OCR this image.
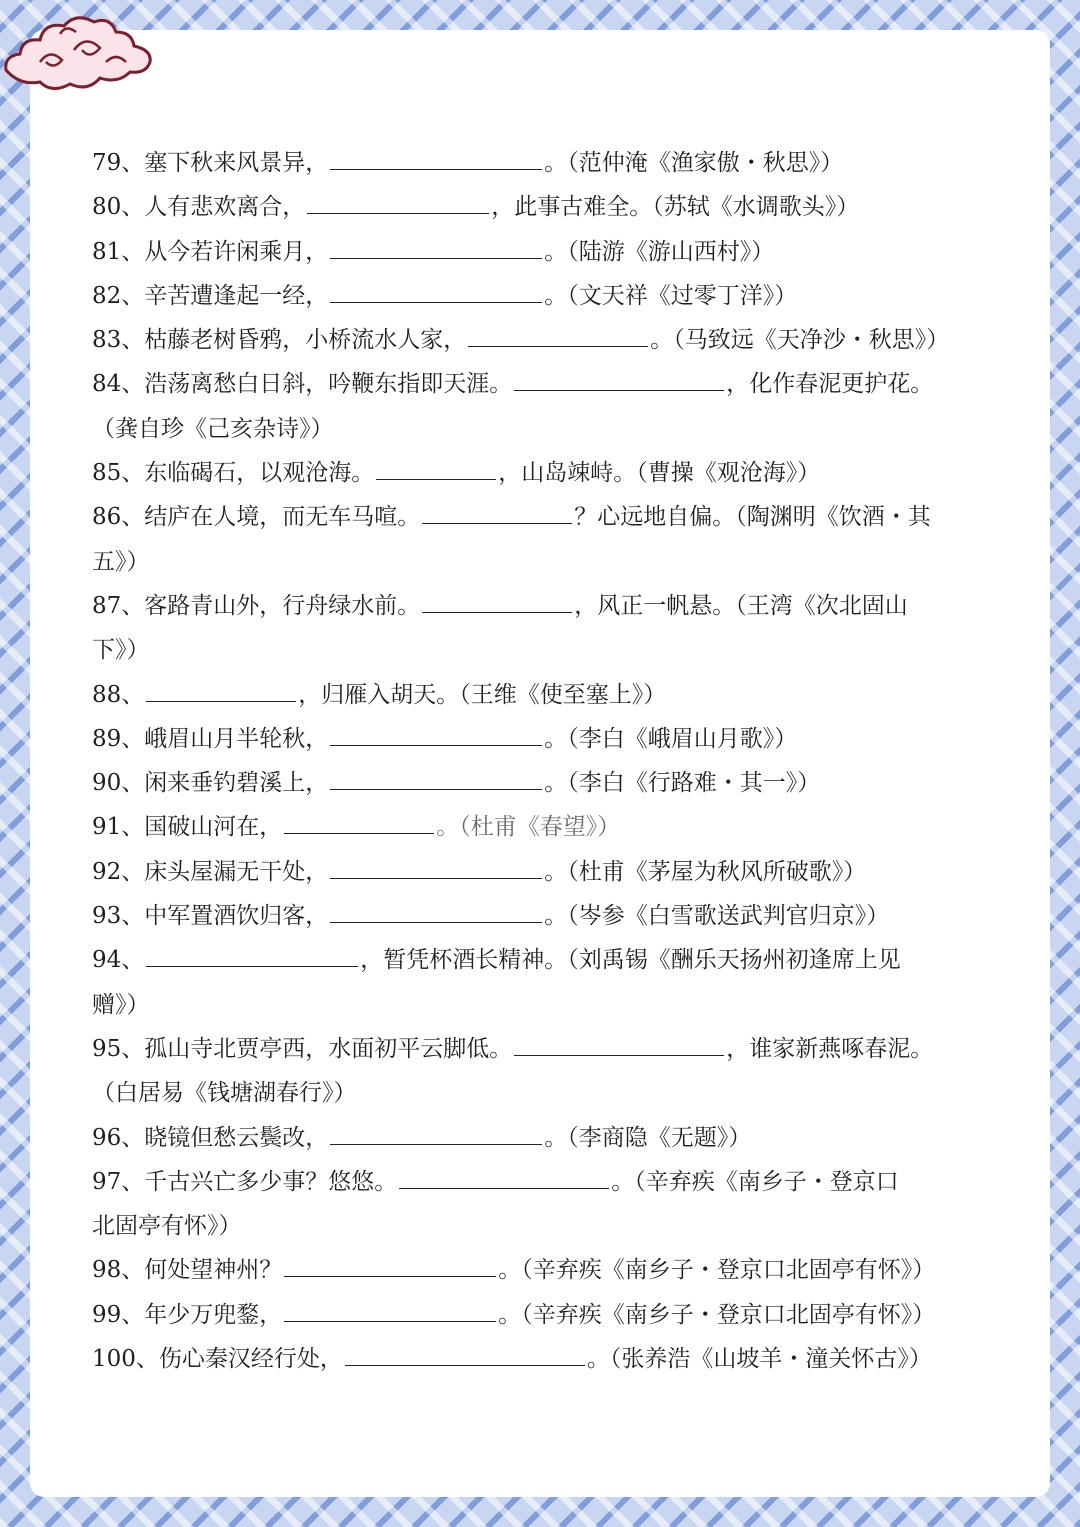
79、塞下秋来风景异，	。（范仲淹《渔家傲・秋思》）
80、人有悲欢离合，	，此事古难全。（苏轼《水调歌头》）
81、从今若许闲乘月，	。（陆游《游山西村》）
82、辛苦遭逢起一经，	。（文天祥《过零丁洋》）
83、枯藤老树昏鸦，小桥流水人家，	。（马致远《天净沙・秋思》）
84、浩荡离愁白日斜，吟鞭东指即天涯。	，化作春泥更护花。
（龚自珍《己亥杂诗》）
85、东临碣石，以观沧海。	，山岛竦峙。（曹操《观沧海》）
86、结庐在人境，而无车马喧。	？心远地自偏。（陶渊明《饮酒・其
五》）
87、客路青山外，行舟绿水前。	，风正一帆悬。（王湾《次北固山
下》）
88、	，归雁入胡天。（王维《使至塞上》）
89、峨眉山月半轮秋，	。（李白《峨眉山月歌》）
90、闲来垂钓碧溪上，	。（李白《行路难・其一》）
91、国破山河在，	。（杜甫《春望》）
92、床头屋漏无干处，	。（杜甫《茅屋为秋风所破歌》）
93、中军置酒饮归客，	。（岑参《白雪歌送武判官归京》）
94、	，暂凭杯酒长精神。（刘禹锡《酬乐天扬州初逢席上见
赠》）
95、孤山寺北贾亭西，水面初平云脚低。	，谁家新燕啄春泥。
（白居易《钱塘湖春行》）
96、晓镜但愁云鬓改，	。（李商隐《无题》）
97、千古兴亡多少事？悠悠。	。（辛弃疾《南乡子・登京口
北固亭有怀》）
98、何处望神州？	。（辛弃疾《南乡子・登京口北固亭有怀》）
99、年少万兜鍪，	。（辛弃疾《南乡子・登京口北固亭有怀》）
100、伤心秦汉经行处，	。（张养浩《山坡羊・潼关怀古》）
